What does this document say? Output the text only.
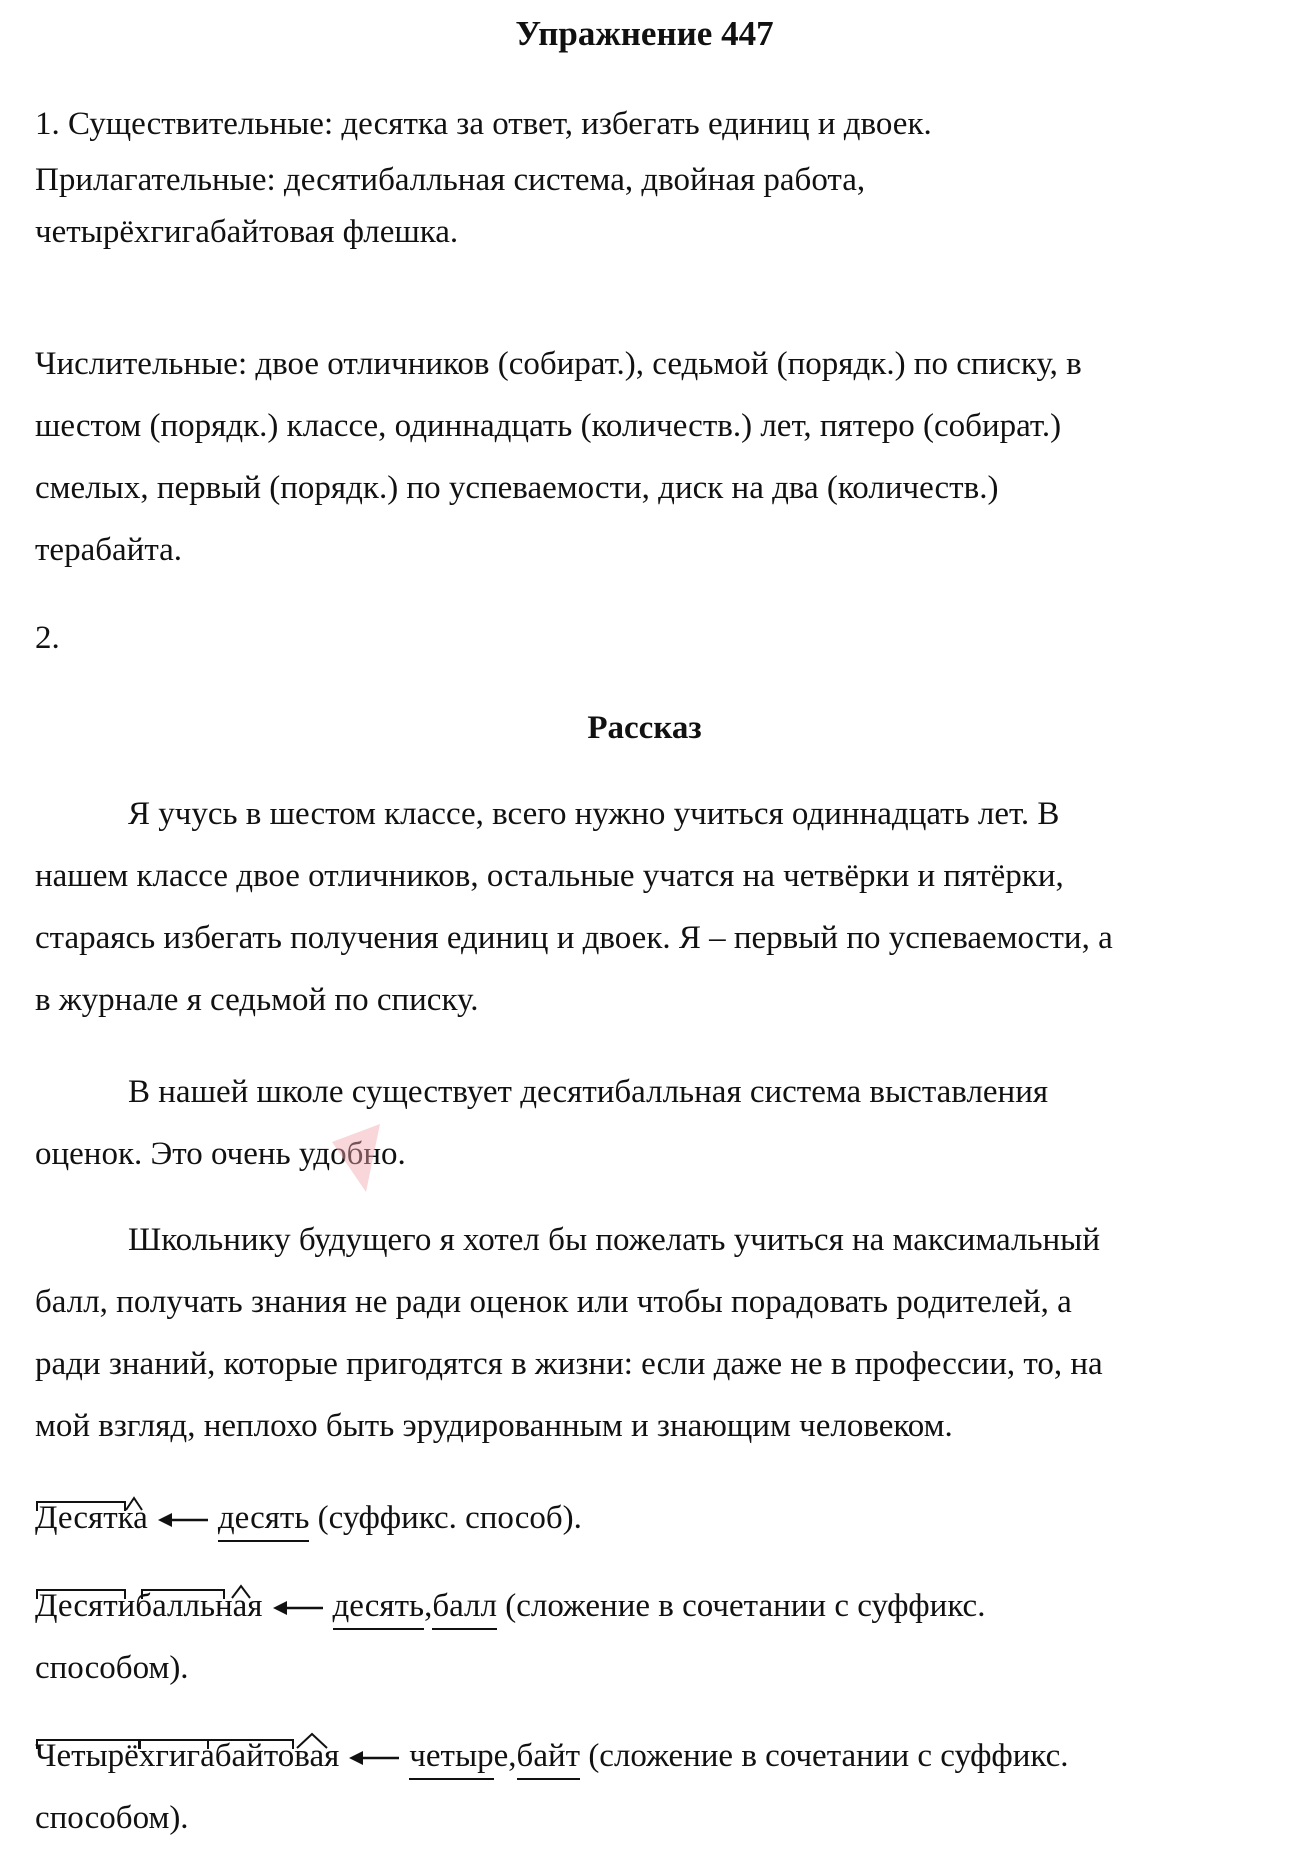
Упражнение 447

1. Существительные: десятка за ответ, избегать единиц и двоек.

Прилагательные: десятибалльная система, двойная работа,

четырёхгигабайтовая флешка.

Числительные: двое отличников (собират.), седьмой (порядк.) по списку, в

шестом (порядк.) классе, одиннадцать (количеств.) лет, пятеро (собират.)

смелых, первый (порядк.) по успеваемости, диск на два (количеств.)

терабайта.

2.

Рассказ

Я учусь в шестом классе, всего нужно учиться одиннадцать лет. В

нашем классе двое отличников, остальные учатся на четвёрки и пятёрки,

стараясь избегать получения единиц и двоек. Я – первый по успеваемости, а

в журнале я седьмой по списку.

В нашей школе существует десятибалльная система выставления

оценок. Это очень удобно.

Школьнику будущего я хотел бы пожелать учиться на максимальный

балл, получать знания не ради оценок или чтобы порадовать родителей, а

ради знаний, которые пригодятся в жизни: если даже не в профессии, то, на

мой взгляд, неплохо быть эрудированным и знающим человеком.

Десятка десять (суффикс. способ).
Десятибалльная десять,балл (сложение в сочетании с суффикс.

способом).

Четырёхгигабайтовая четыре,байт (сложение в сочетании с суффикс.

способом).
